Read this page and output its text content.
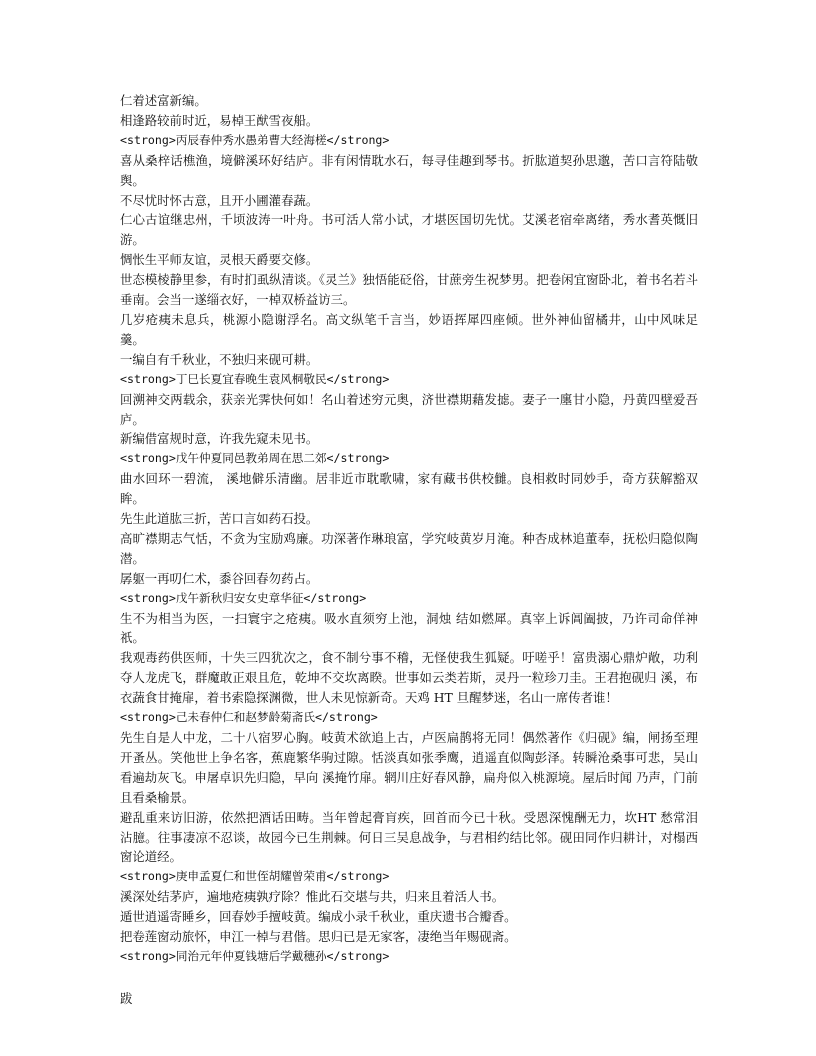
仁着述富新编。
相逢路较前时近，易棹王猷雪夜船。
<strong>丙辰春仲秀水愚弟曹大经海槎</strong>
喜从桑梓话樵渔，境僻溪环好结庐。非有闲情耽水石，每寻佳趣到琴书。折肱道契孙思邈，苦口言符陆敬舆。
不尽忧时怀古意，且开小圃灌春蔬。
仁心古谊继忠州，千顷波涛一叶舟。书可活人常小试，才堪医国切先忧。艾溪老宿牵离绪，秀水耆英慨旧游。
惆怅生平师友谊，灵根天爵要交修。
世态模棱静里参，有时扪虱纵清谈。《灵兰》独悟能砭俗，甘蔗旁生祝梦男。把卷闲宜窗卧北，着书名若斗垂南。会当一遂缁衣好，一棹双桥益访三。
几岁疮痍未息兵，桃源小隐谢浮名。高文纵笔千言当，妙语挥犀四座倾。世外神仙留橘井，山中风味足 羹。
一编自有千秋业，不独归来砚可耕。
<strong>丁巳长夏宜春晚生袁风桐敬民</strong>
回溯神交两载余，获亲光霁快何如！名山着述穷元奥，济世襟期藉发摅。妻子一廛甘小隐，丹黄四壁爱吾庐。
新编借富规时意，许我先窥未见书。
<strong>戊午仲夏同邑教弟周在思二郊</strong>
曲水回环一碧流， 溪地僻乐清幽。居非近市耽歌啸，家有藏书供校雠。良相救时同妙手，奇方获解豁双眸。
先生此道肱三折，苦口言如药石投。
高旷襟期志气恬，不贪为宝励鸡廉。功深著作琳琅富，学究岐黄岁月淹。种杏成林追董奉，抚松归隐似陶潜。
孱躯一再叨仁术，黍谷回春勿药占。
<strong>戊午新秋归安女史章华征</strong>
生不为相当为医，一扫寰宇之疮痍。吸水直须穷上池，洞烛 结如燃犀。真宰上诉阊阖披，乃许司命佯神祇。
我观毒药供医师，十失三四犹次之，食不制兮事不稽，无怪使我生狐疑。吁嗟乎！富贵溺心鼎炉敞，功利夺人龙虎飞，群魔敢正艰且危，乾坤不交坎离睽。世事如云类若斯，灵丹一粒珍刀圭。王君抱砚归 溪，布衣蔬食甘掩扉，着书索隐探渊微，世人未见惊新奇。天鸡 HT 旦醒梦迷，名山一席传者谁！
<strong>己未春仲仁和赵梦龄菊斋氏</strong>
先生自是人中龙，二十八宿罗心胸。岐黄术欲追上古，卢医扁鹊将无同！偶然著作《归砚》编，闸扬至理开蚤丛。笑他世上争名客，蕉鹿繁华驹过隙。恬淡真如张季鹰，逍遥直似陶彭泽。转瞬沧桑事可悲，吴山看遍劫灰飞。申屠卓识先归隐，早向 溪掩竹扉。辋川庄好春风静，扁舟似入桃源境。屋后时闻 乃声，门前且看桑榆景。
避乱重来访旧游，依然把酒话田畴。当年曾起膏肓疾，回首而今已十秋。受恩深愧酬无力，坎HT 愁常泪沾臆。往事凄凉不忍谈，故园今已生荆棘。何日三吴息战争，与君相约结比邻。砚田同作归耕计，对榻西窗论道经。
<strong>庚申孟夏仁和世侄胡耀曾荣甫</strong>
溪深处结茅庐，遍地疮痍孰疗除？惟此石交堪与共，归来且着活人书。
遁世逍遥寄睡乡，回春妙手擅岐黄。编成小录千秋业，重庆遗书合瓣香。
把卷莲窗动旅怀，申江一棹与君偕。思归已是无家客，凄绝当年赐砚斋。
<strong>同治元年仲夏钱塘后学戴穗孙</strong>
跋
